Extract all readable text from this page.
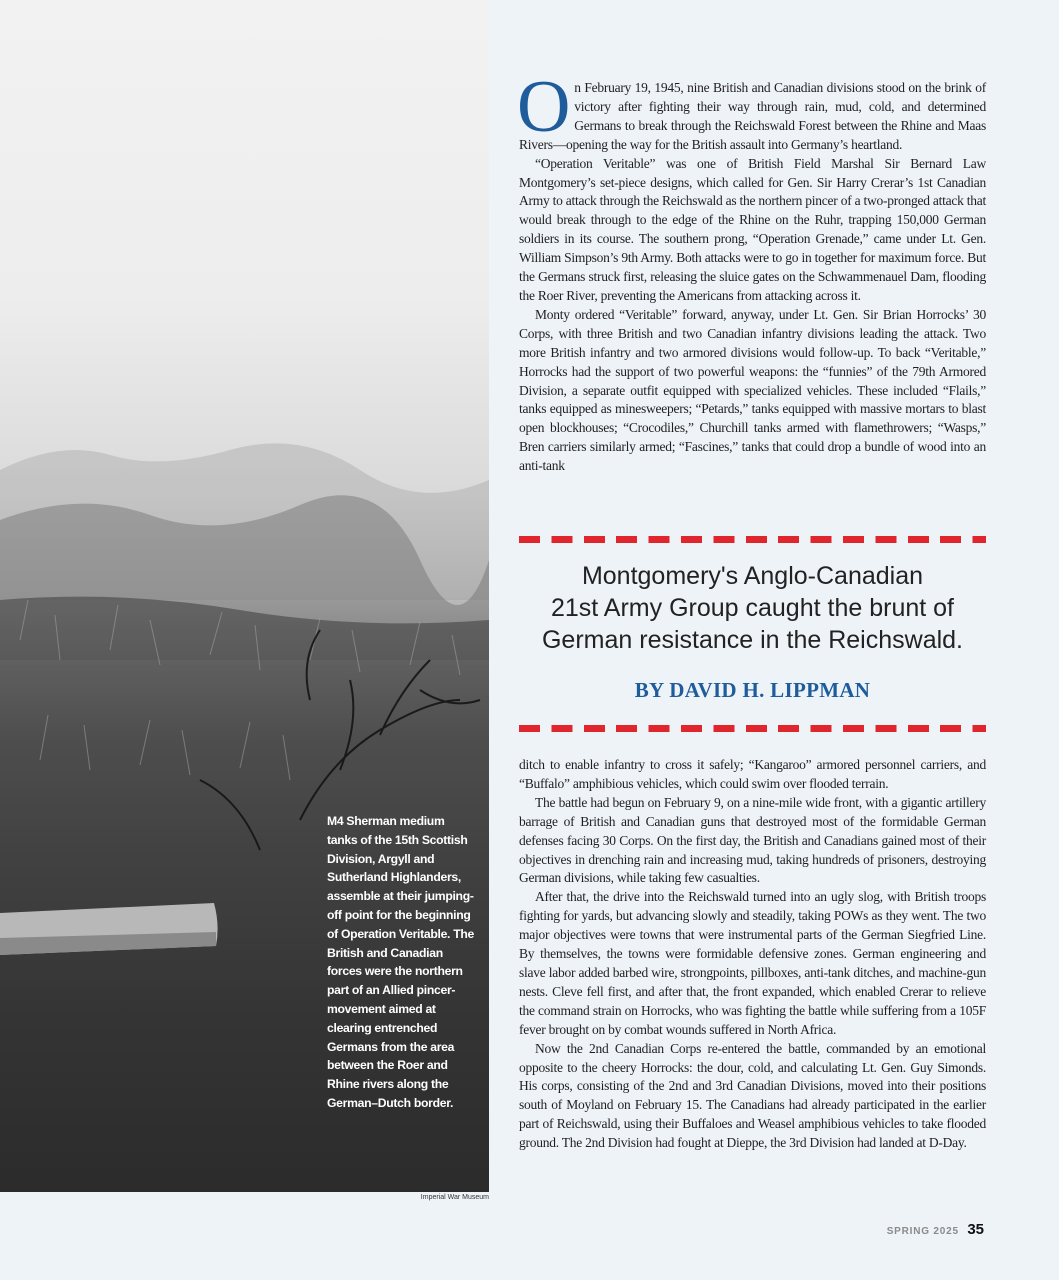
M4 Sherman medium tanks of the 15th Scottish Division, Argyll and Sutherland Highlanders, assemble at their jumping-off point for the beginning of Operation Veritable. The British and Canadian forces were the northern part of an Allied pincer-movement aimed at clearing entrenched Germans from the area between the Roer and Rhine rivers along the German–Dutch border.
Imperial War Museum

On February 19, 1945, nine British and Canadian divisions stood on the brink of victory after fighting their way through rain, mud, cold, and determined Germans to break through the Reichswald Forest between the Rhine and Maas Rivers—opening the way for the British assault into Germany’s heartland.

“Operation Veritable” was one of British Field Marshal Sir Bernard Law Montgomery’s set-piece designs, which called for Gen. Sir Harry Crerar’s 1st Canadian Army to attack through the Reichswald as the northern pincer of a two-pronged attack that would break through to the edge of the Rhine on the Ruhr, trapping 150,000 German soldiers in its course. The southern prong, “Operation Grenade,” came under Lt. Gen. William Simpson’s 9th Army. Both attacks were to go in together for maximum force. But the Germans struck first, releasing the sluice gates on the Schwammenauel Dam, flooding the Roer River, preventing the Americans from attacking across it.

Monty ordered “Veritable” forward, anyway, under Lt. Gen. Sir Brian Horrocks’ 30 Corps, with three British and two Canadian infantry divisions leading the attack. Two more British infantry and two armored divisions would follow-up. To back “Veritable,” Horrocks had the support of two powerful weapons: the “funnies” of the 79th Armored Division, a separate outfit equipped with specialized vehicles. These included “Flails,” tanks equipped as minesweepers; “Petards,” tanks equipped with massive mortars to blast open blockhouses; “Crocodiles,” Churchill tanks armed with flamethrowers; “Wasps,” Bren carriers similarly armed; “Fascines,” tanks that could drop a bundle of wood into an anti-tank

Montgomery's Anglo-Canadian
21st Army Group caught the brunt of
German resistance in the Reichswald.
BY DAVID H. LIPPMAN

ditch to enable infantry to cross it safely; “Kangaroo” armored personnel carriers, and “Buffalo” amphibious vehicles, which could swim over flooded terrain.

The battle had begun on February 9, on a nine-mile wide front, with a gigantic artillery barrage of British and Canadian guns that destroyed most of the formidable German defenses facing 30 Corps. On the first day, the British and Canadians gained most of their objectives in drenching rain and increasing mud, taking hundreds of prisoners, destroying German divisions, while taking few casualties.

After that, the drive into the Reichswald turned into an ugly slog, with British troops fighting for yards, but advancing slowly and steadily, taking POWs as they went. The two major objectives were towns that were instrumental parts of the German Siegfried Line. By themselves, the towns were formidable defensive zones. German engineering and slave labor added barbed wire, strongpoints, pillboxes, anti-tank ditches, and machine-gun nests. Cleve fell first, and after that, the front expanded, which enabled Crerar to relieve the command strain on Horrocks, who was fighting the battle while suffering from a 105F fever brought on by combat wounds suffered in North Africa.

Now the 2nd Canadian Corps re-entered the battle, commanded by an emotional opposite to the cheery Horrocks: the dour, cold, and calculating Lt. Gen. Guy Simonds. His corps, consisting of the 2nd and 3rd Canadian Divisions, moved into their positions south of Moyland on February 15. The Canadians had already participated in the earlier part of Reichswald, using their Buffaloes and Weasel amphibious vehicles to take flooded ground. The 2nd Division had fought at Dieppe, the 3rd Division had landed at D-Day.

SPRING 2025 35
